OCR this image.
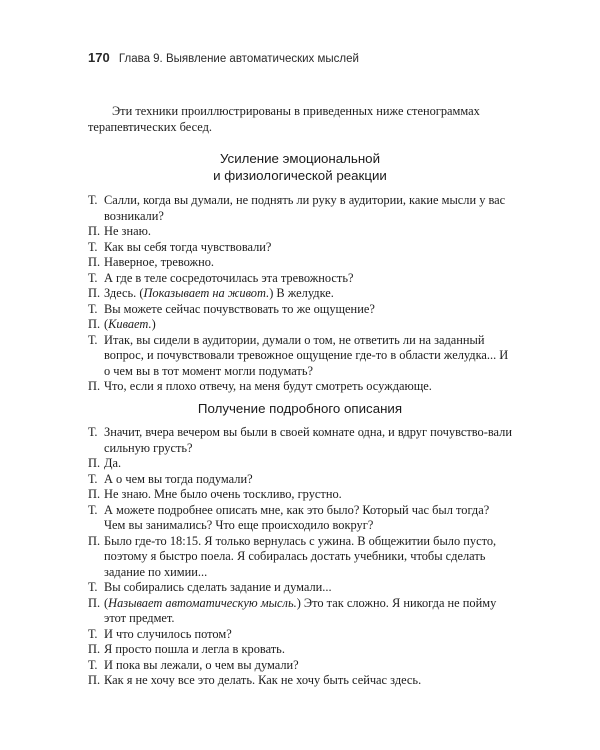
170 Глава 9. Выявление автоматических мыслей

Эти техники проиллюстрированы в приведенных ниже стенограммах терапевтических бесед.

Усиление эмоциональной
и физиологической реакции
Т. Салли, когда вы думали, не поднять ли руку в аудитории, какие мысли у вас возникали?
П. Не знаю.
Т. Как вы себя тогда чувствовали?
П. Наверное, тревожно.
Т. А где в теле сосредоточилась эта тревожность?
П. Здесь. (Показывает на живот.) В желудке.
Т. Вы можете сейчас почувствовать то же ощущение?
П. (Кивает.)
Т. Итак, вы сидели в аудитории, думали о том, не ответить ли на заданный вопрос, и почувствовали тревожное ощущение где-то в области желудка... И о чем вы в тот момент могли подумать?
П. Что, если я плохо отвечу, на меня будут смотреть осуждающе.
Получение подробного описания
Т. Значит, вчера вечером вы были в своей комнате одна, и вдруг почувство-вали сильную грусть?
П. Да.
Т. А о чем вы тогда подумали?
П. Не знаю. Мне было очень тоскливо, грустно.
Т. А можете подробнее описать мне, как это было? Который час был тогда? Чем вы занимались? Что еще происходило вокруг?
П. Было где-то 18:15. Я только вернулась с ужина. В общежитии было пусто, поэтому я быстро поела. Я собиралась достать учебники, чтобы сделать задание по химии...
Т. Вы собирались сделать задание и думали...
П. (Называет автоматическую мысль.) Это так сложно. Я никогда не пойму этот предмет.
Т. И что случилось потом?
П. Я просто пошла и легла в кровать.
Т. И пока вы лежали, о чем вы думали?
П. Как я не хочу все это делать. Как не хочу быть сейчас здесь.
